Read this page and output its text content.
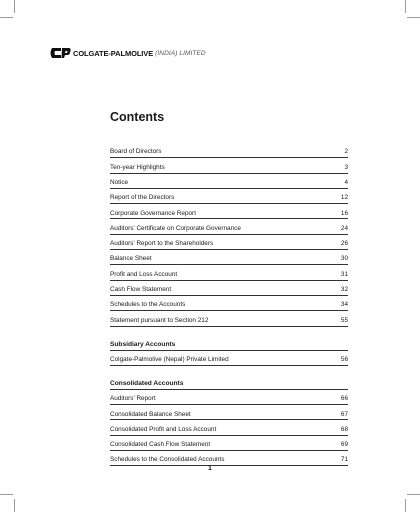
COLGATE-PALMOLIVE (INDIA) LIMITED
Contents
Board of Directors	2
Ten-year Highlights	3
Notice	4
Report of the Directors	12
Corporate Governance Report	16
Auditors' Certificate on Corporate Governance	24
Auditors' Report to the Shareholders	26
Balance Sheet	30
Profit and Loss Account	31
Cash Flow Statement	32
Schedules to the Accounts	34
Statement pursuant to Section 212	55
Subsidiary Accounts
Colgate-Palmolive (Nepal) Private Limited	56
Consolidated Accounts
Auditors' Report	66
Consolidated Balance Sheet	67
Consolidated Profit and Loss Account	68
Consolidated Cash Flow Statement	69
Schedules to the Consolidated Accounts	71
1
